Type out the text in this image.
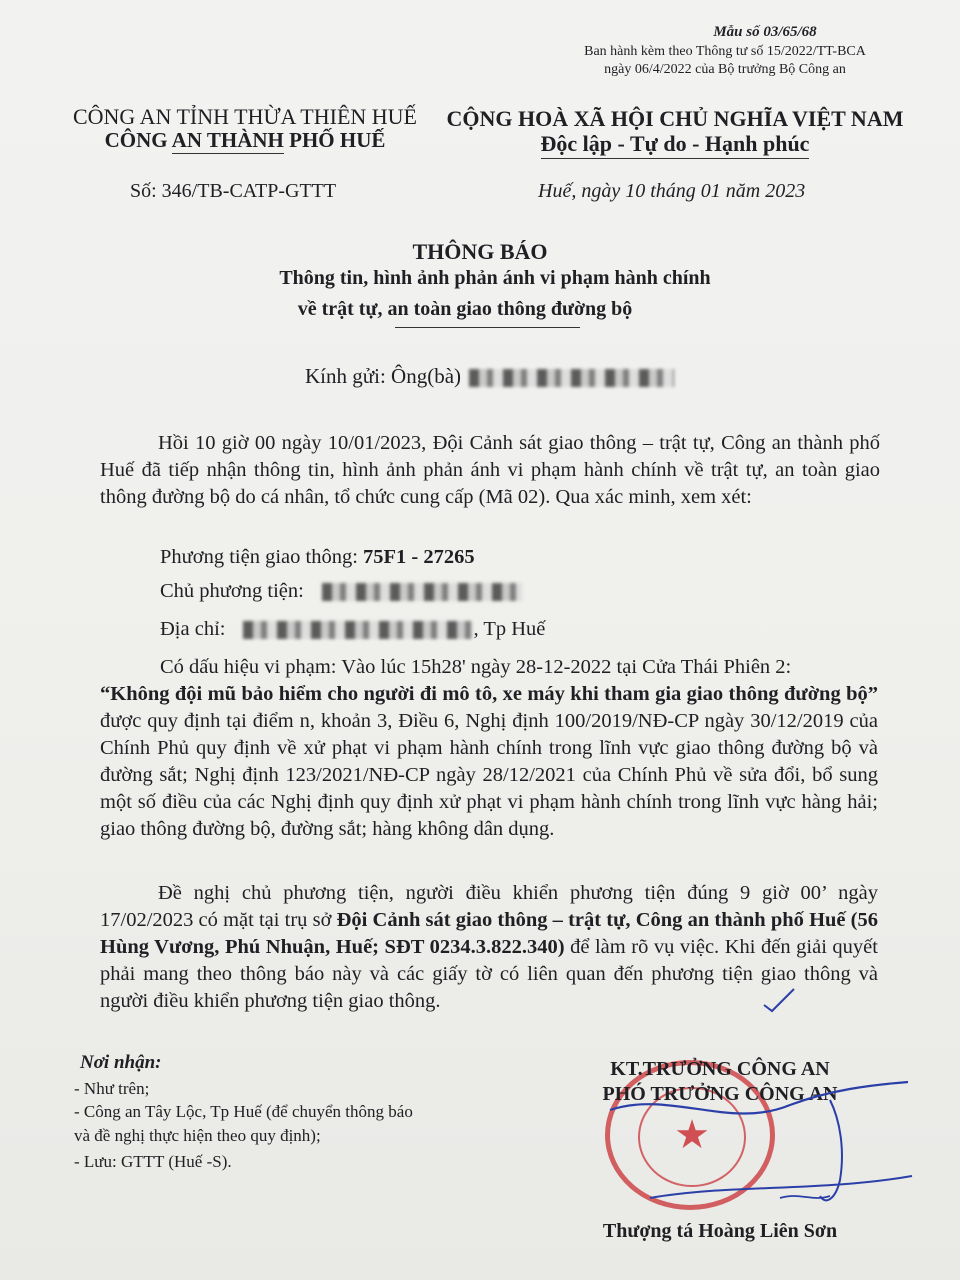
Mẫu số 03/65/68
Ban hành kèm theo Thông tư số 15/2022/TT-BCA
ngày 06/4/2022 của Bộ trưởng Bộ Công an
CÔNG AN TỈNH THỪA THIÊN HUẾ
CÔNG AN THÀNH PHỐ HUẾ
CỘNG HOÀ XÃ HỘI CHỦ NGHĨA VIỆT NAM
Độc lập - Tự do - Hạnh phúc
Số: 346/TB-CATP-GTTT	Huế, ngày 10 tháng 01 năm 2023
THÔNG BÁO
Thông tin, hình ảnh phản ánh vi phạm hành chính
về trật tự, an toàn giao thông đường bộ
Kính gửi: Ông(bà)
Hồi 10 giờ 00 ngày 10/01/2023, Đội Cảnh sát giao thông – trật tự, Công an thành phố Huế đã tiếp nhận thông tin, hình ảnh phản ánh vi phạm hành chính về trật tự, an toàn giao thông đường bộ do cá nhân, tổ chức cung cấp (Mã 02). Qua xác minh, xem xét:
Phương tiện giao thông: 75F1 - 27265
Chủ phương tiện:
Địa chỉ:	, Tp Huế
Có dấu hiệu vi phạm: Vào lúc 15h28' ngày 28-12-2022 tại Cửa Thái Phiên 2:
“Không đội mũ bảo hiểm cho người đi mô tô, xe máy khi tham gia giao thông đường bộ” được quy định tại điểm n, khoản 3, Điều 6, Nghị định 100/2019/NĐ-CP ngày 30/12/2019 của Chính Phủ quy định về xử phạt vi phạm hành chính trong lĩnh vực giao thông đường bộ và đường sắt; Nghị định 123/2021/NĐ-CP ngày 28/12/2021 của Chính Phủ về sửa đổi, bổ sung một số điều của các Nghị định quy định xử phạt vi phạm hành chính trong lĩnh vực hàng hải; giao thông đường bộ, đường sắt; hàng không dân dụng.
Đề nghị chủ phương tiện, người điều khiển phương tiện đúng 9 giờ 00’ ngày 17/02/2023 có mặt tại trụ sở Đội Cảnh sát giao thông – trật tự, Công an thành phố Huế (56 Hùng Vương, Phú Nhuận, Huế; SĐT 0234.3.822.340) để làm rõ vụ việc. Khi đến giải quyết phải mang theo thông báo này và các giấy tờ có liên quan đến phương tiện giao thông và người điều khiển phương tiện giao thông.
Nơi nhận:
- Như trên;
- Công an Tây Lộc, Tp Huế (để chuyển thông báo
và đề nghị thực hiện theo quy định);
- Lưu: GTTT (Huế -S).
★
KT.TRƯỞNG CÔNG AN
PHÓ TRƯỞNG CÔNG AN
Thượng tá Hoàng Liên Sơn
